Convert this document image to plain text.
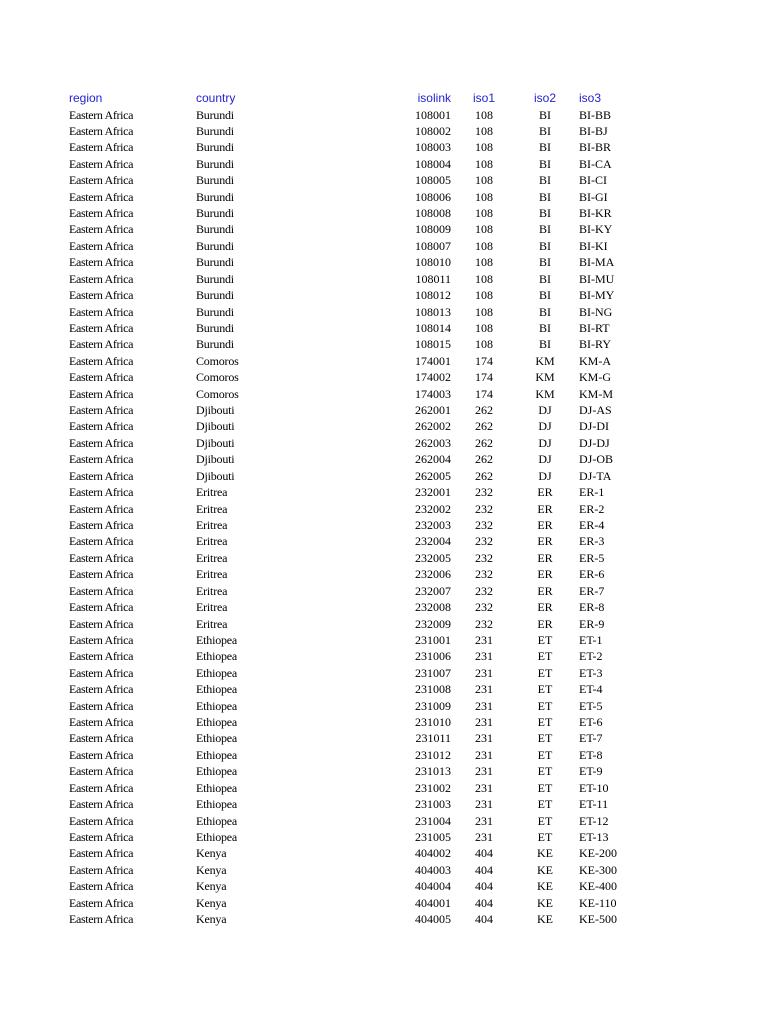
region	country	isolink iso1	iso2	iso3
Eastern Africa	Burundi	108001 108	BI	BI-BB
Eastern Africa	Burundi	108002 108	BI	BI-BJ
Eastern Africa	Burundi	108003 108	BI	BI-BR
Eastern Africa	Burundi	108004 108	BI	BI-CA
Eastern Africa	Burundi	108005 108	BI	BI-CI
Eastern Africa	Burundi	108006 108	BI	BI-GI
Eastern Africa	Burundi	108008 108	BI	BI-KR
Eastern Africa	Burundi	108009 108	BI	BI-KY
Eastern Africa	Burundi	108007 108	BI	BI-KI
Eastern Africa	Burundi	108010 108	BI	BI-MA
Eastern Africa	Burundi	108011 108	BI	BI-MU
Eastern Africa	Burundi	108012 108	BI	BI-MY
Eastern Africa	Burundi	108013 108	BI	BI-NG
Eastern Africa	Burundi	108014 108	BI	BI-RT
Eastern Africa	Burundi	108015 108	BI	BI-RY
Eastern Africa	Comoros	174001 174	KM	KM-A
Eastern Africa	Comoros	174002 174	KM	KM-G
Eastern Africa	Comoros	174003 174	KM	KM-M
Eastern Africa	Djibouti	262001 262	DJ	DJ-AS
Eastern Africa	Djibouti	262002 262	DJ	DJ-DI
Eastern Africa	Djibouti	262003 262	DJ	DJ-DJ
Eastern Africa	Djibouti	262004 262	DJ	DJ-OB
Eastern Africa	Djibouti	262005 262	DJ	DJ-TA
Eastern Africa	Eritrea	232001 232	ER	ER-1
Eastern Africa	Eritrea	232002 232	ER	ER-2
Eastern Africa	Eritrea	232003 232	ER	ER-4
Eastern Africa	Eritrea	232004 232	ER	ER-3
Eastern Africa	Eritrea	232005 232	ER	ER-5
Eastern Africa	Eritrea	232006 232	ER	ER-6
Eastern Africa	Eritrea	232007 232	ER	ER-7
Eastern Africa	Eritrea	232008 232	ER	ER-8
Eastern Africa	Eritrea	232009 232	ER	ER-9
Eastern Africa	Ethiopea	231001 231	ET	ET-1
Eastern Africa	Ethiopea	231006 231	ET	ET-2
Eastern Africa	Ethiopea	231007 231	ET	ET-3
Eastern Africa	Ethiopea	231008 231	ET	ET-4
Eastern Africa	Ethiopea	231009 231	ET	ET-5
Eastern Africa	Ethiopea	231010 231	ET	ET-6
Eastern Africa	Ethiopea	231011 231	ET	ET-7
Eastern Africa	Ethiopea	231012 231	ET	ET-8
Eastern Africa	Ethiopea	231013 231	ET	ET-9
Eastern Africa	Ethiopea	231002 231	ET	ET-10
Eastern Africa	Ethiopea	231003 231	ET	ET-11
Eastern Africa	Ethiopea	231004 231	ET	ET-12
Eastern Africa	Ethiopea	231005 231	ET	ET-13
Eastern Africa	Kenya	404002 404	KE	KE-200
Eastern Africa	Kenya	404003 404	KE	KE-300
Eastern Africa	Kenya	404004 404	KE	KE-400
Eastern Africa	Kenya	404001 404	KE	KE-110
Eastern Africa	Kenya	404005 404	KE	KE-500
